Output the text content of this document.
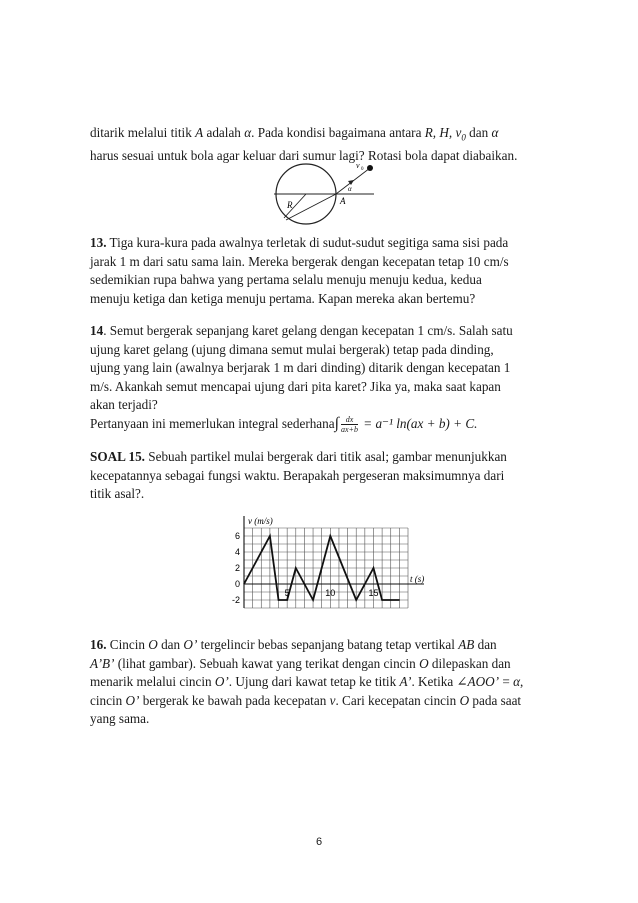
ditarik melalui titik A adalah α. Pada kondisi bagaimana antara R, H, $v_0$ dan α
harus sesuai untuk bola agar keluar dari sumur lagi? Rotasi bola dapat diabaikan.

R	A
α
v 0

13. Tiga kura-kura pada awalnya terletak di sudut-sudut segitiga sama sisi pada
jarak 1 m dari satu sama lain. Mereka bergerak dengan kecepatan tetap 10 cm/s
sedemikian rupa bahwa yang pertama selalu menuju menuju kedua, kedua
menuju ketiga dan ketiga menuju pertama. Kapan mereka akan bertemu?

14. Semut bergerak sepanjang karet gelang dengan kecepatan 1 cm/s. Salah satu
ujung karet gelang (ujung dimana semut mulai bergerak) tetap pada dinding,
ujung yang lain (awalnya berjarak 1 m dari dinding) ditarik dengan kecepatan 1
m/s. Akankah semut mencapai ujung dari pita karet? Jika ya, maka saat kapan
akan terjadi?
Pertanyaan ini memerlukan integral sederhana∫ $\frac{dx}{ax+b} = a^{-1}$ ln(ax + b) + C.

SOAL 15. Sebuah partikel mulai bergerak dari titik asal; gambar menunjukkan
kecepatannya sebagai fungsi waktu. Berapakah pergeseran maksimumnya dari
titik asal?.

-2
0
2
4
6
5	10	15
v (m/s)
t (s)

16. Cincin O dan O’ tergelincir bebas sepanjang batang tetap vertikal AB dan
A’B’ (lihat gambar). Sebuah kawat yang terikat dengan cincin O dilepaskan dan
menarik melalui cincin O’. Ujung dari kawat tetap ke titik A’. Ketika ∠AOO’ = α,
cincin O’ bergerak ke bawah pada kecepatan v. Cari kecepatan cincin O pada saat
yang sama.

6
